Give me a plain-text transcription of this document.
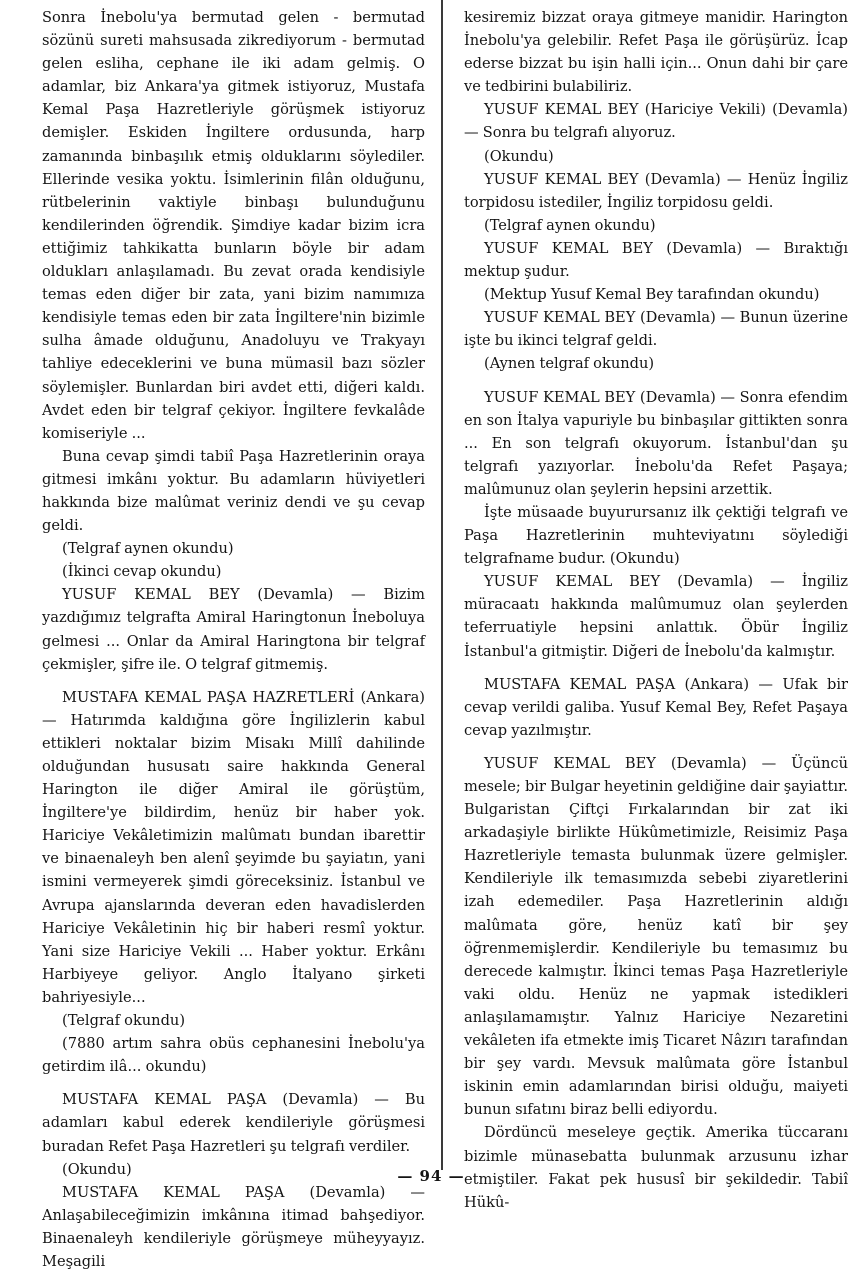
Sonra İnebolu'ya bermutad gelen - bermutad sözünü sureti mahsusada zikrediyorum - bermutad gelen esliha, cephane ile iki adam gelmiş. O adamlar, biz Ankara'ya gitmek istiyoruz, Mustafa Kemal Paşa Hazretleriyle görüşmek istiyoruz demişler. Eskiden İngiltere ordusunda, harp zamanında binbaşılık etmiş olduklarını söylediler. Ellerinde vesika yoktu. İsimlerinin filân olduğunu, rütbelerinin vaktiyle binbaşı bulunduğunu kendilerinden öğrendik. Şimdiye kadar bizim icra ettiğimiz tahkikatta bunların böyle bir adam oldukları anlaşılamadı. Bu zevat orada kendisiyle temas eden diğer bir zata, yani bizim namımıza kendisiyle temas eden bir zata İngiltere'nin bizimle sulha âmade olduğunu, Anadoluyu ve Trakyayı tahliye edeceklerini ve buna mümasil bazı sözler söylemişler. Bunlardan biri avdet etti, diğeri kaldı. Avdet eden bir telgraf çekiyor. İngiltere fevkalâde komiseriyle ...

Buna cevap şimdi tabiî Paşa Hazretlerinin oraya gitmesi imkânı yoktur. Bu adamların hüviyetleri hakkında bize malûmat veriniz dendi ve şu cevap geldi.

(Telgraf aynen okundu)

(İkinci cevap okundu)

YUSUF KEMAL BEY (Devamla) — Bizim yazdığımız telgrafta Amiral Haringtonun İneboluya gelmesi ... Onlar da Amiral Haringtona bir telgraf çekmişler, şifre ile. O telgraf gitmemiş.

MUSTAFA KEMAL PAŞA HAZRETLERİ (Ankara) — Hatırımda kaldığına göre İngilizlerin kabul ettikleri noktalar bizim Misakı Millî dahilinde olduğundan hususatı saire hakkında General Harington ile diğer Amiral ile görüştüm, İngiltere'ye bildirdim, henüz bir haber yok. Hariciye Vekâletimizin malûmatı bundan ibarettir ve binaenaleyh ben alenî şeyimde bu şayiatın, yani ismini vermeyerek şimdi göreceksiniz. İstanbul ve Avrupa ajanslarında deveran eden havadislerden Hariciye Vekâletinin hiç bir haberi resmî yoktur. Yani size Hariciye Vekili ... Haber yoktur. Erkânı Harbiyeye geliyor. Anglo İtalyano şirketi bahriyesiyle...

(Telgraf okundu)

(7880 artım sahra obüs cephanesini İnebolu'ya getirdim ilâ... okundu)

MUSTAFA KEMAL PAŞA (Devamla) — Bu adamları kabul ederek kendileriyle görüşmesi buradan Refet Paşa Hazretleri şu telgrafı verdiler.

(Okundu)

MUSTAFA KEMAL PAŞA (Devamla) — Anlaşabileceğimizin imkânına itimad bahşediyor. Binaenaleyh kendileriyle görüşmeye müheyyayız. Meşagili

kesiremiz bizzat oraya gitmeye manidir. Harington İnebolu'ya gelebilir. Refet Paşa ile görüşürüz. İcap ederse bizzat bu işin halli için... Onun dahi bir çare ve tedbirini bulabiliriz.

YUSUF KEMAL BEY (Hariciye Vekili) (Devamla) — Sonra bu telgrafı alıyoruz.

(Okundu)

YUSUF KEMAL BEY (Devamla) — Henüz İngiliz torpidosu istediler, İngiliz torpidosu geldi.

(Telgraf aynen okundu)

YUSUF KEMAL BEY (Devamla) — Bıraktığı mektup şudur.

(Mektup Yusuf Kemal Bey tarafından okundu)

YUSUF KEMAL BEY (Devamla) — Bunun üzerine işte bu ikinci telgraf geldi.

(Aynen telgraf okundu)

YUSUF KEMAL BEY (Devamla) — Sonra efendim en son İtalya vapuriyle bu binbaşılar gittikten sonra ... En son telgrafı okuyorum. İstanbul'dan şu telgrafı yazıyorlar. İnebolu'da Refet Paşaya; malûmunuz olan şeylerin hepsini arzettik.

İşte müsaade buyurursanız ilk çektiği telgrafı ve Paşa Hazretlerinin muhteviyatını söylediği telgrafname budur. (Okundu)

YUSUF KEMAL BEY (Devamla) — İngiliz müracaatı hakkında malûmumuz olan şeylerden teferruatiyle hepsini anlattık. Öbür İngiliz İstanbul'a gitmiştir. Diğeri de İnebolu'da kalmıştır.

MUSTAFA KEMAL PAŞA (Ankara) — Ufak bir cevap verildi galiba. Yusuf Kemal Bey, Refet Paşaya cevap yazılmıştır.

YUSUF KEMAL BEY (Devamla) — Üçüncü mesele; bir Bulgar heyetinin geldiğine dair şayiattır. Bulgaristan Çiftçi Fırkalarından bir zat iki arkadaşiyle birlikte Hükûmetimizle, Reisimiz Paşa Hazretleriyle temasta bulunmak üzere gelmişler. Kendileriyle ilk temasımızda sebebi ziyaretlerini izah edemediler. Paşa Hazretlerinin aldığı malûmata göre, henüz katî bir şey öğrenmemişlerdir. Kendileriyle bu temasımız bu derecede kalmıştır. İkinci temas Paşa Hazretleriyle vaki oldu. Henüz ne yapmak istedikleri anlaşılamamıştır. Yalnız Hariciye Nezaretini vekâleten ifa etmekte imiş Ticaret Nâzırı tarafından bir şey vardı. Mevsuk malûmata göre İstanbul iskinin emin adamlarından birisi olduğu, maiyeti bunun sıfatını biraz belli ediyordu.

Dördüncü meseleye geçtik. Amerika tüccaranı bizimle münasebatta bulunmak arzusunu izhar etmiştiler. Fakat pek hususî bir şekildedir. Tabiî Hükû-

— 94 —
